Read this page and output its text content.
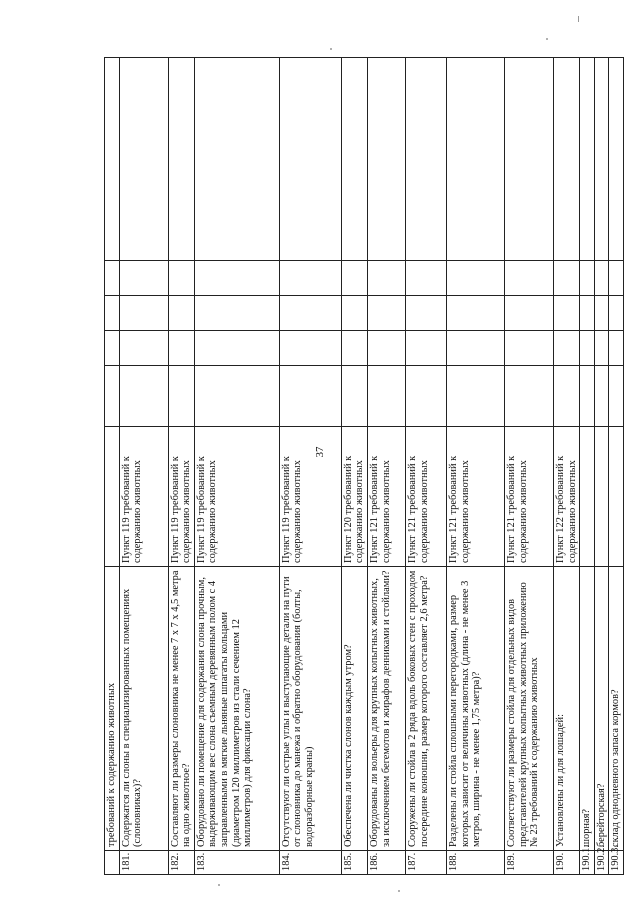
37
	требований к содержанию животных						
181.	Содержатся ли слоны в специализированных помещениях (слоновниках)?	Пункт 119 требований к содержанию животных					
182.	Составляют ли размеры слоновника не менее 7 х 7 х 4,5 метра на одно животное?	Пункт 119 требований к содержанию животных					
183.	Оборудовано ли помещение для содержания слона прочным, выдерживающим вес слона съемным деревянным полом с 4 заправленными в мягкие льняные шпагаты кольцами (диаметром 120 миллиметров из стали сечением 12 миллиметров) для фиксации слона?	Пункт 119 требований к содержанию животных					
184.	Отсутствуют ли острые углы и выступающие детали на пути от слоновника до манежа и обратно оборудования (болты, водоразборные краны)	Пункт 119 требований к содержанию животных					
185.	Обеспечена ли чистка слонов каждым утром?	Пункт 120 требований к содержанию животных					
186.	Оборудованы ли вольеры для крупных копытных животных, за исключением бегемотов и жирафов денниками и стойлами?	Пункт 121 требований к содержанию животных					
187.	Сооружены ли стойла в 2 ряда вдоль боковых стен с проходом посередине конюшни, размер которого составляет 2,6 метра?	Пункт 121 требований к содержанию животных					
188.	Разделены ли стойла сплошными перегородками, размер которых зависит от величины животных (длина - не менее 3 метров, ширина - не менее 1,75 метра)?	Пункт 121 требований к содержанию животных					
189.	Соответствуют ли размеры стойла для отдельных видов представителей крупных копытных животных приложению № 23 требований к содержанию животных	Пункт 121 требований к содержанию животных					
190.	Установлены ли для лошадей:	Пункт 122 требований к содержанию животных					
190.1.	шорная?						
190.2.	берейторская?						
190.3.	склад однодневного запаса кормов?						
